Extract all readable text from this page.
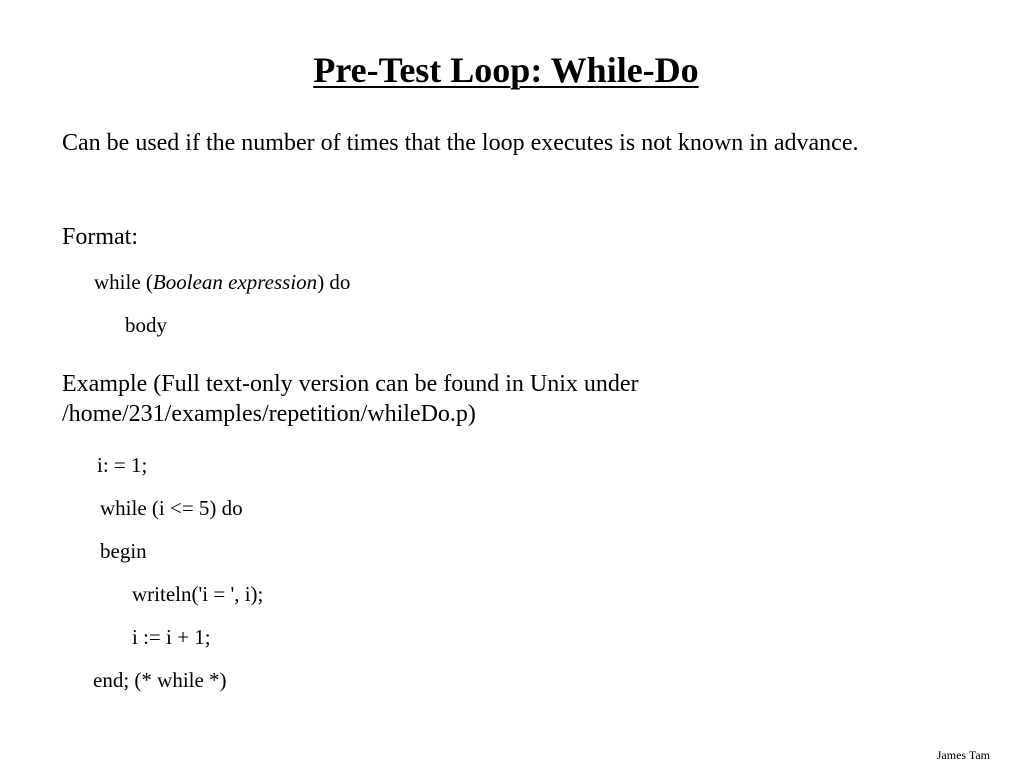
Pre-Test Loop: While-Do

Can be used if the number of times that the loop executes is not known in advance.

Format:

while (Boolean expression) do

body

Example (Full text-only version can be found in Unix under /home/231/examples/repetition/whileDo.p)

i: = 1;

while (i <= 5) do

begin

writeln('i = ', i);

i := i + 1;

end; (* while *)

James Tam
